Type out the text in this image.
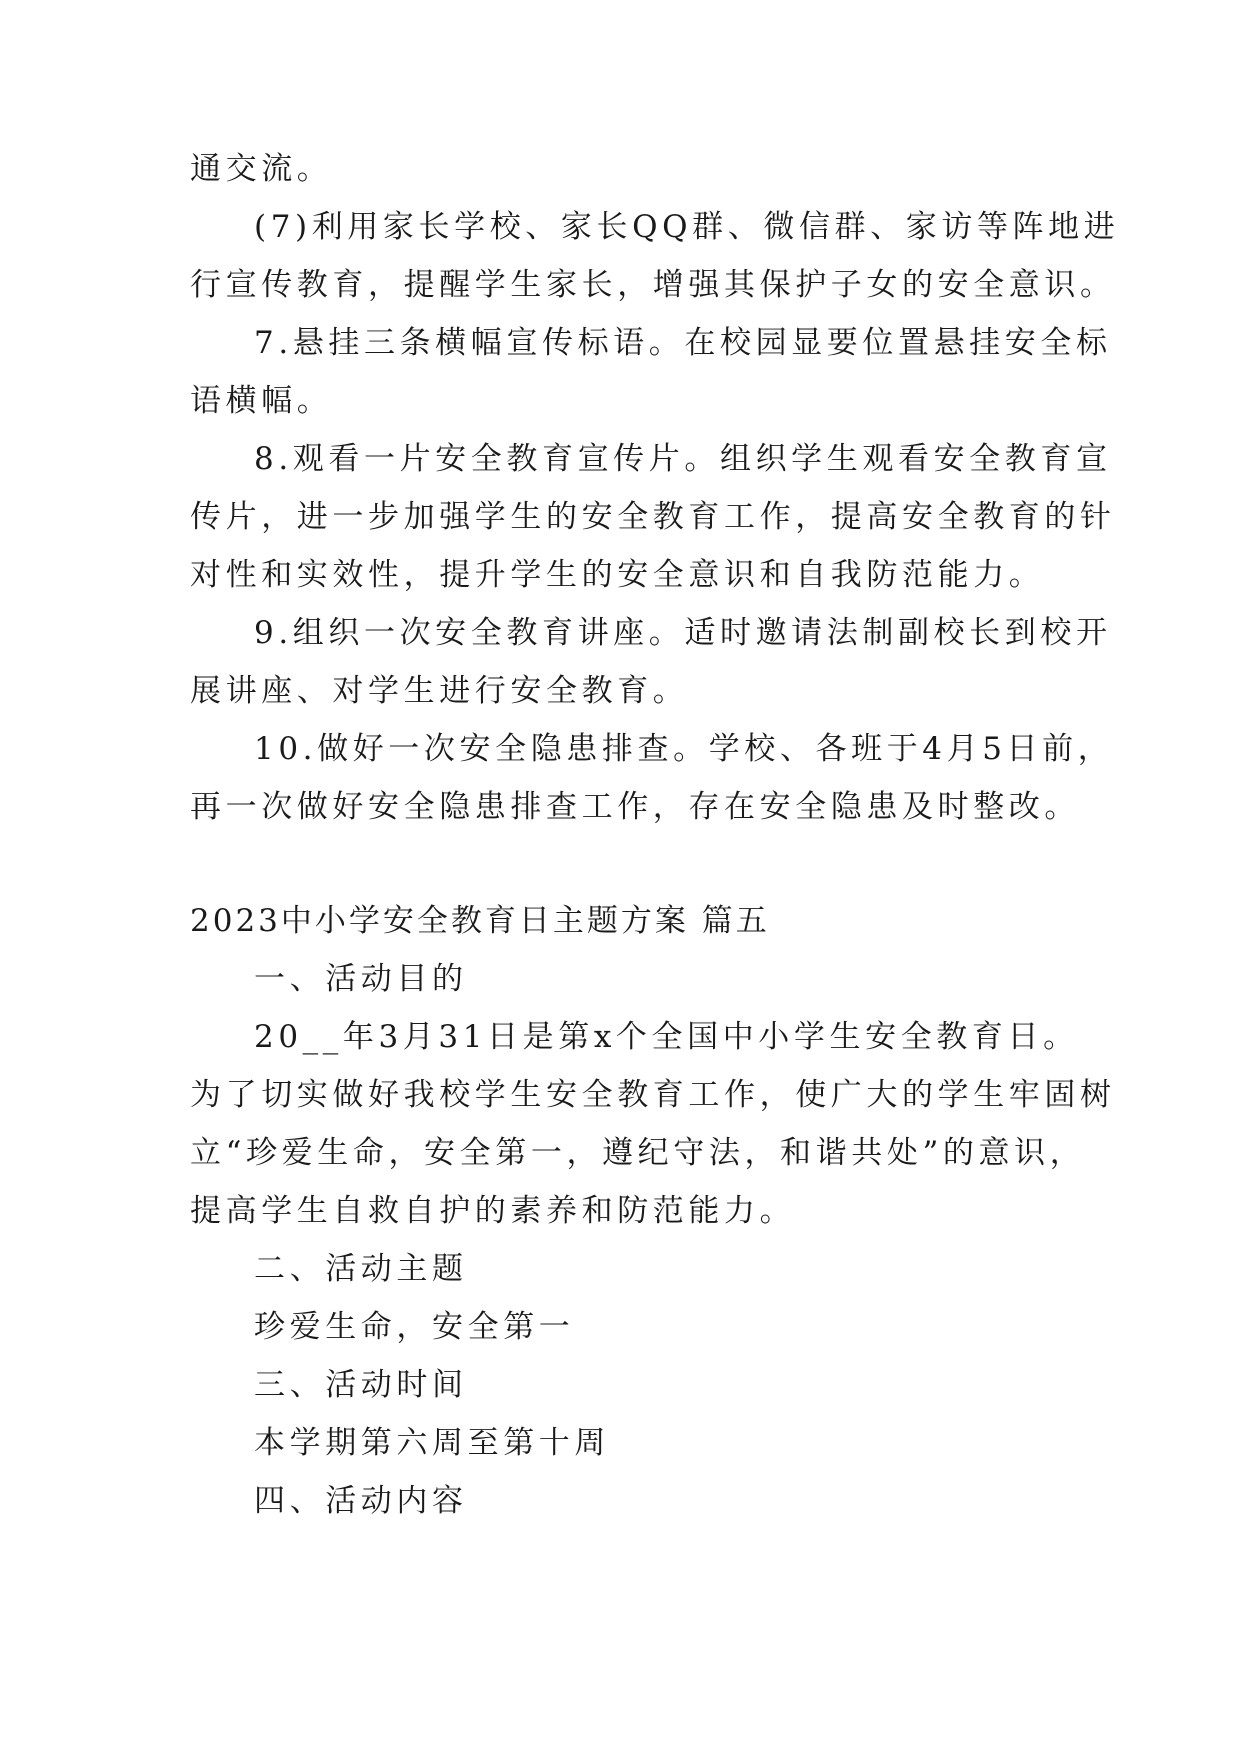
通交流。

(7)利用家长学校、家长QQ群、微信群、家访等阵地进

行宣传教育，提醒学生家长，增强其保护子女的安全意识。

7.悬挂三条横幅宣传标语。在校园显要位置悬挂安全标

语横幅。

8.观看一片安全教育宣传片。组织学生观看安全教育宣

传片，进一步加强学生的安全教育工作，提高安全教育的针

对性和实效性，提升学生的安全意识和自我防范能力。

9.组织一次安全教育讲座。适时邀请法制副校长到校开

展讲座、对学生进行安全教育。

10.做好一次安全隐患排查。学校、各班于4月5日前，

再一次做好安全隐患排查工作，存在安全隐患及时整改。

2023中小学安全教育日主题方案 篇五

一、活动目的

20__年3月31日是第x个全国中小学生安全教育日。

为了切实做好我校学生安全教育工作，使广大的学生牢固树

立“珍爱生命，安全第一，遵纪守法，和谐共处”的意识，

提高学生自救自护的素养和防范能力。

二、活动主题

珍爱生命，安全第一

三、活动时间

本学期第六周至第十周

四、活动内容
